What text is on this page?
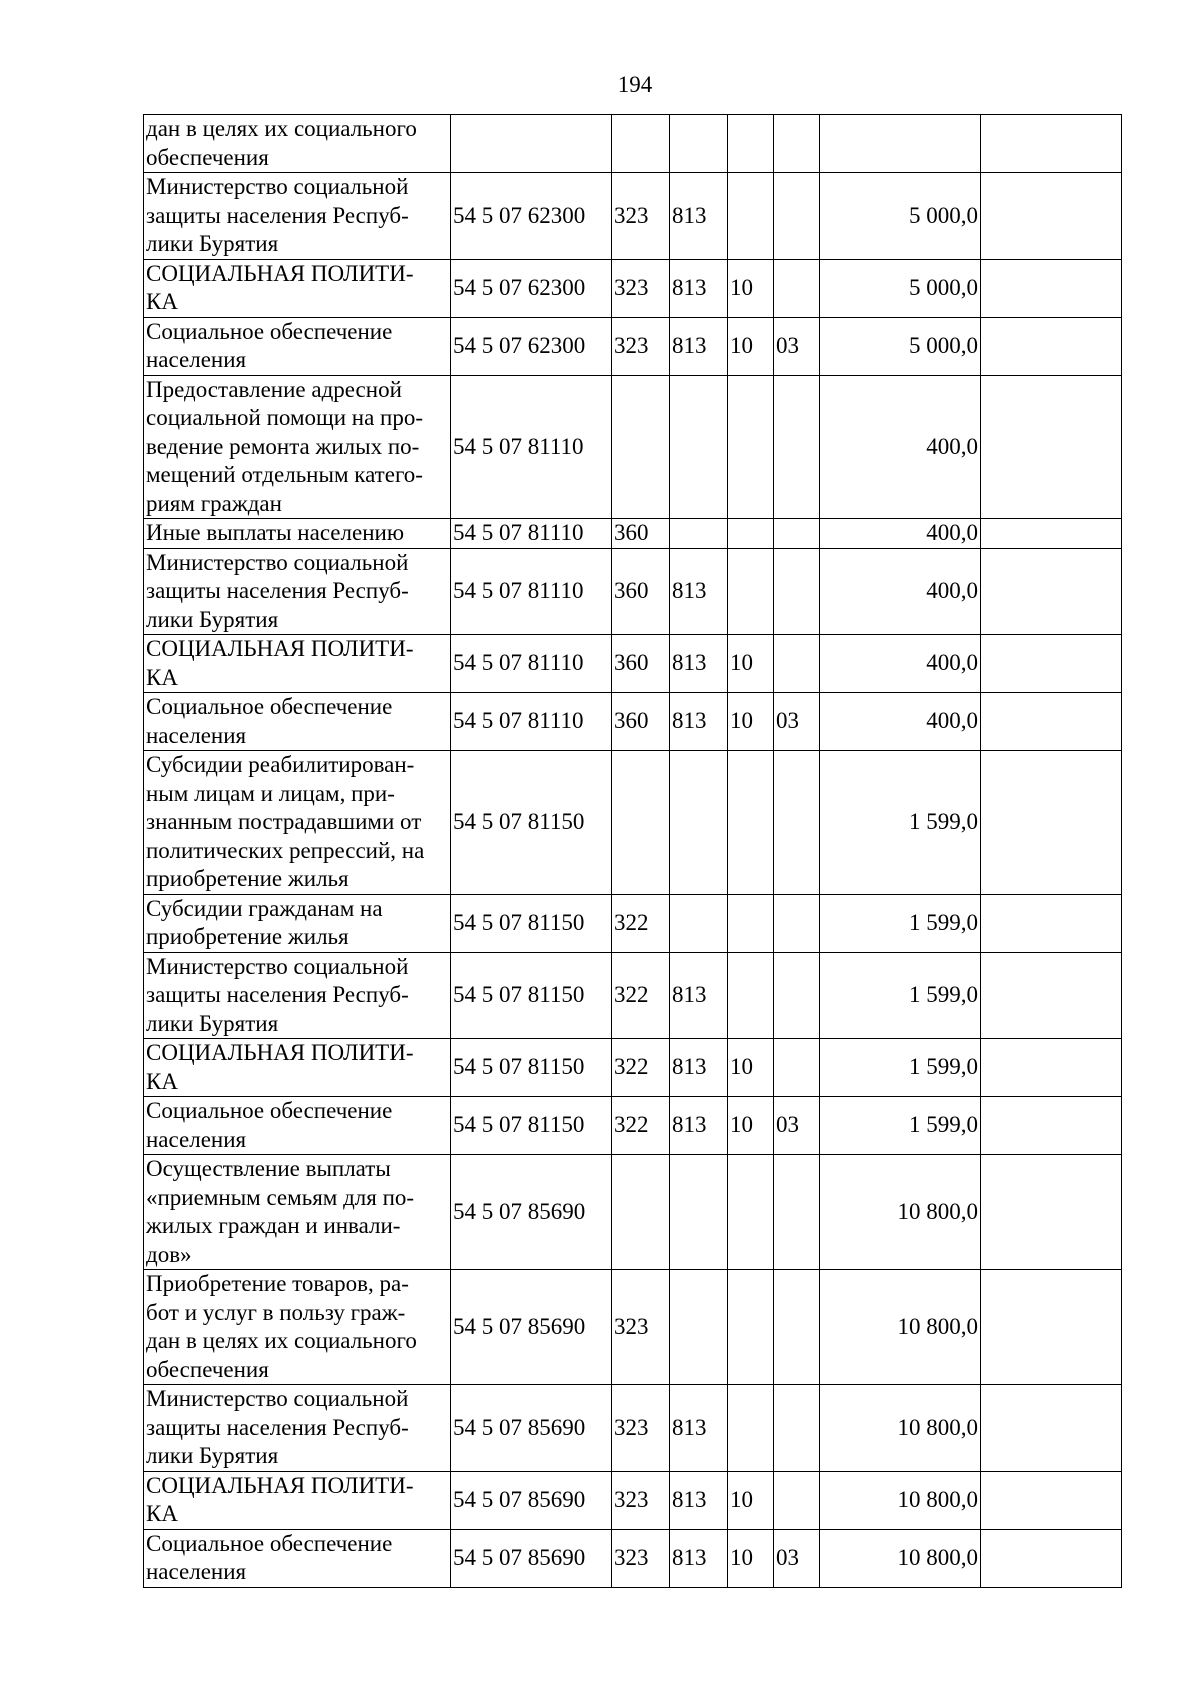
194
дан в целях их социального
обеспечения							

Министерство социальной
защиты населения Респуб-
лики Бурятия	54 5 07 62300	323	813			5 000,0	

СОЦИАЛЬНАЯ ПОЛИТИ-
КА	54 5 07 62300	323	813	10		5 000,0	

Социальное обеспечение
населения	54 5 07 62300	323	813	10	03	5 000,0	

Предоставление адресной
социальной помощи на про-
ведение ремонта жилых по-
мещений отдельным катего-
риям граждан	54 5 07 81110					400,0	

Иные выплаты населению	54 5 07 81110	360				400,0	

Министерство социальной
защиты населения Респуб-
лики Бурятия	54 5 07 81110	360	813			400,0	

СОЦИАЛЬНАЯ ПОЛИТИ-
КА	54 5 07 81110	360	813	10		400,0	

Социальное обеспечение
населения	54 5 07 81110	360	813	10	03	400,0	

Субсидии реабилитирован-
ным лицам и лицам, при-
знанным пострадавшими от
политических репрессий, на
приобретение жилья	54 5 07 81150					1 599,0	

Субсидии гражданам на
приобретение жилья	54 5 07 81150	322				1 599,0	

Министерство социальной
защиты населения Респуб-
лики Бурятия	54 5 07 81150	322	813			1 599,0	

СОЦИАЛЬНАЯ ПОЛИТИ-
КА	54 5 07 81150	322	813	10		1 599,0	

Социальное обеспечение
населения	54 5 07 81150	322	813	10	03	1 599,0	

Осуществление выплаты
«приемным семьям для по-
жилых граждан и инвали-
дов»	54 5 07 85690					10 800,0	

Приобретение товаров, ра-
бот и услуг в пользу граж-
дан в целях их социального
обеспечения	54 5 07 85690	323				10 800,0	

Министерство социальной
защиты населения Респуб-
лики Бурятия	54 5 07 85690	323	813			10 800,0	

СОЦИАЛЬНАЯ ПОЛИТИ-
КА	54 5 07 85690	323	813	10		10 800,0	

Социальное обеспечение
населения	54 5 07 85690	323	813	10	03	10 800,0	
